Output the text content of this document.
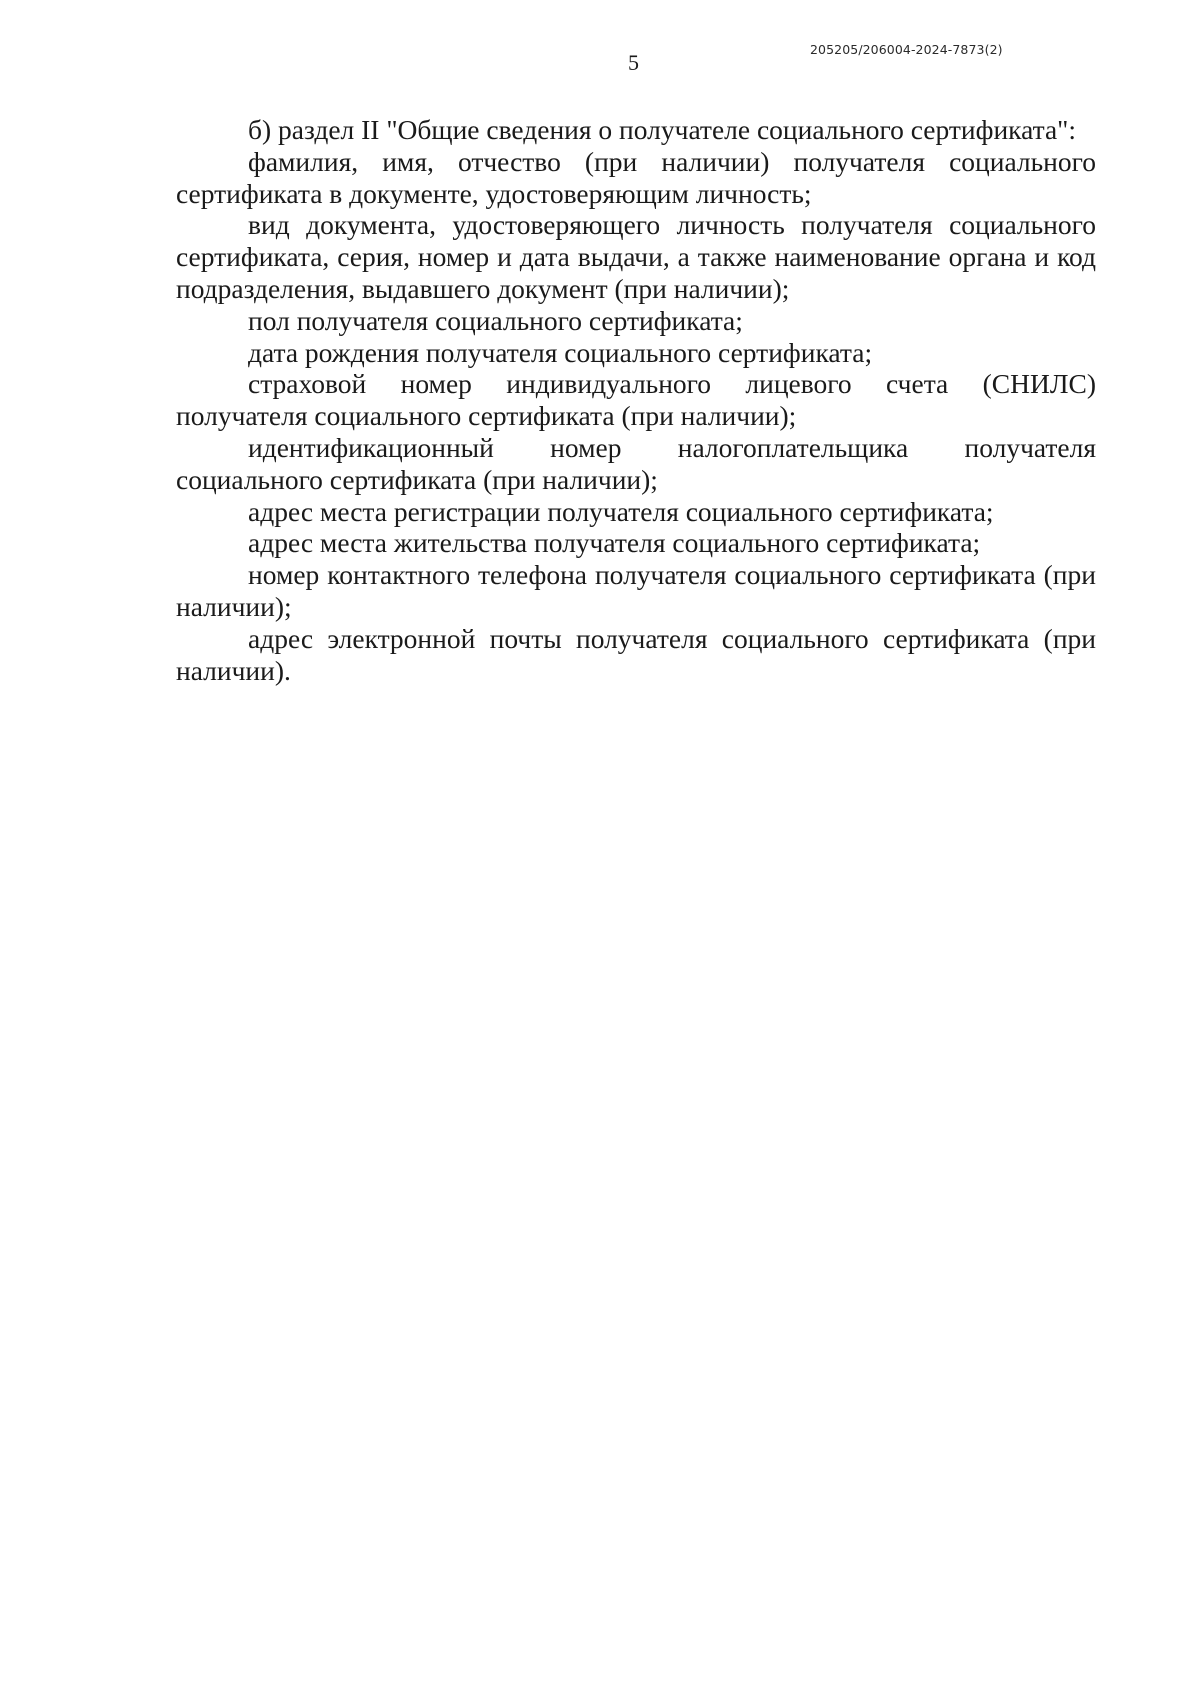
5
205205/206004-2024-7873(2)

б) раздел II "Общие сведения о получателе социального сертификата":

фамилия, имя, отчество (при наличии) получателя социального сертификата в документе, удостоверяющим личность;

вид документа, удостоверяющего личность получателя социального сертификата, серия, номер и дата выдачи, а также наименование органа и код подразделения, выдавшего документ (при наличии);

пол получателя социального сертификата;

дата рождения получателя социального сертификата;

страховой номер индивидуального лицевого счета (СНИЛС) получателя социального сертификата (при наличии);

идентификационный номер налогоплательщика получателя социального сертификата (при наличии);

адрес места регистрации получателя социального сертификата;

адрес места жительства получателя социального сертификата;

номер контактного телефона получателя социального сертификата (при наличии);

адрес электронной почты получателя социального сертификата (при наличии).
